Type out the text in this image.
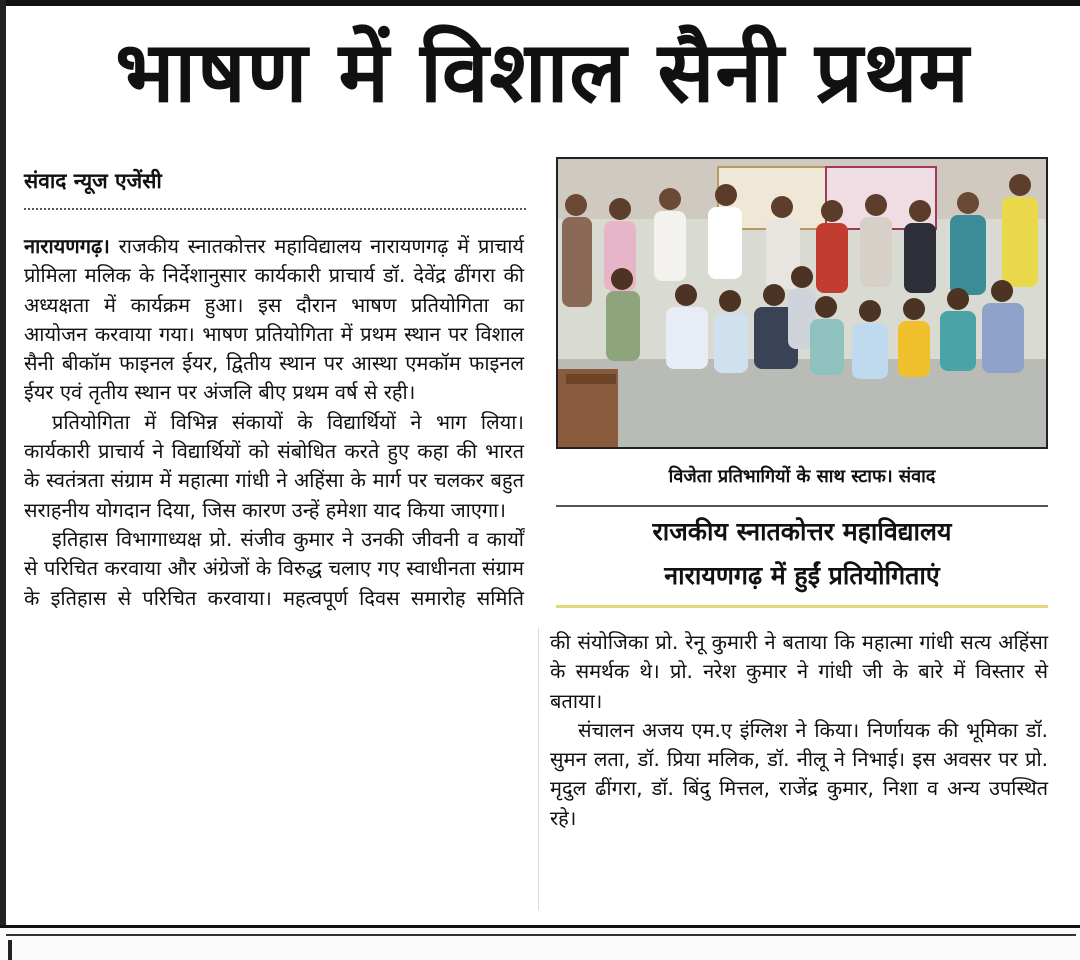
भाषण में विशाल सैनी प्रथम
संवाद न्यूज एजेंसी

नारायणगढ़। राजकीय स्नातकोत्तर महाविद्यालय नारायणगढ़ में प्राचार्य प्रोमिला मलिक के निर्देशानुसार कार्यकारी प्राचार्य डॉ. देवेंद्र ढींगरा की अध्यक्षता में कार्यक्रम हुआ। इस दौरान भाषण प्रतियोगिता का आयोजन करवाया गया। भाषण प्रतियोगिता में प्रथम स्थान पर विशाल सैनी बीकॉम फाइनल ईयर, द्वितीय स्थान पर आस्था एमकॉम फाइनल ईयर एवं तृतीय स्थान पर अंजलि बीए प्रथम वर्ष से रही।

प्रतियोगिता में विभिन्न संकायों के विद्यार्थियों ने भाग लिया। कार्यकारी प्राचार्य ने विद्यार्थियों को संबोधित करते हुए कहा की भारत के स्वतंत्रता संग्राम में महात्मा गांधी ने अहिंसा के मार्ग पर चलकर बहुत सराहनीय योगदान दिया, जिस कारण उन्हें हमेशा याद किया जाएगा।

इतिहास विभागाध्यक्ष प्रो. संजीव कुमार ने उनकी जीवनी व कार्यों से परिचित करवाया और अंग्रेजों के विरुद्ध चलाए गए स्वाधीनता संग्राम के इतिहास से परिचित करवाया। महत्वपूर्ण दिवस समारोह समिति

विजेता प्रतिभागियों के साथ स्टाफ। संवाद
राजकीय स्नातकोत्तर महाविद्यालय
नारायणगढ़ में हुईं प्रतियोगिताएं

की संयोजिका प्रो. रेनू कुमारी ने बताया कि महात्मा गांधी सत्य अहिंसा के समर्थक थे। प्रो. नरेश कुमार ने गांधी जी के बारे में विस्तार से बताया।

संचालन अजय एम.ए इंग्लिश ने किया। निर्णायक की भूमिका डॉ. सुमन लता, डॉ. प्रिया मलिक, डॉ. नीलू ने निभाई। इस अवसर पर प्रो. मृदुल ढींगरा, डॉ. बिंदु मित्तल, राजेंद्र कुमार, निशा व अन्य उपस्थित रहे।
